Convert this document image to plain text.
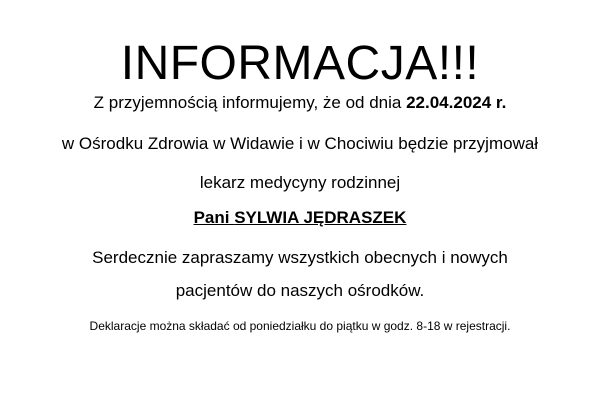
INFORMACJA!!!
Z przyjemnością informujemy, że od dnia 22.04.2024 r.
w Ośrodku Zdrowia w Widawie i w Chociwiu będzie przyjmował
lekarz medycyny rodzinnej
Pani SYLWIA JĘDRASZEK
Serdecznie zapraszamy wszystkich obecnych i nowych
pacjentów do naszych ośrodków.
Deklaracje można składać od poniedziałku do piątku w godz. 8-18 w rejestracji.
